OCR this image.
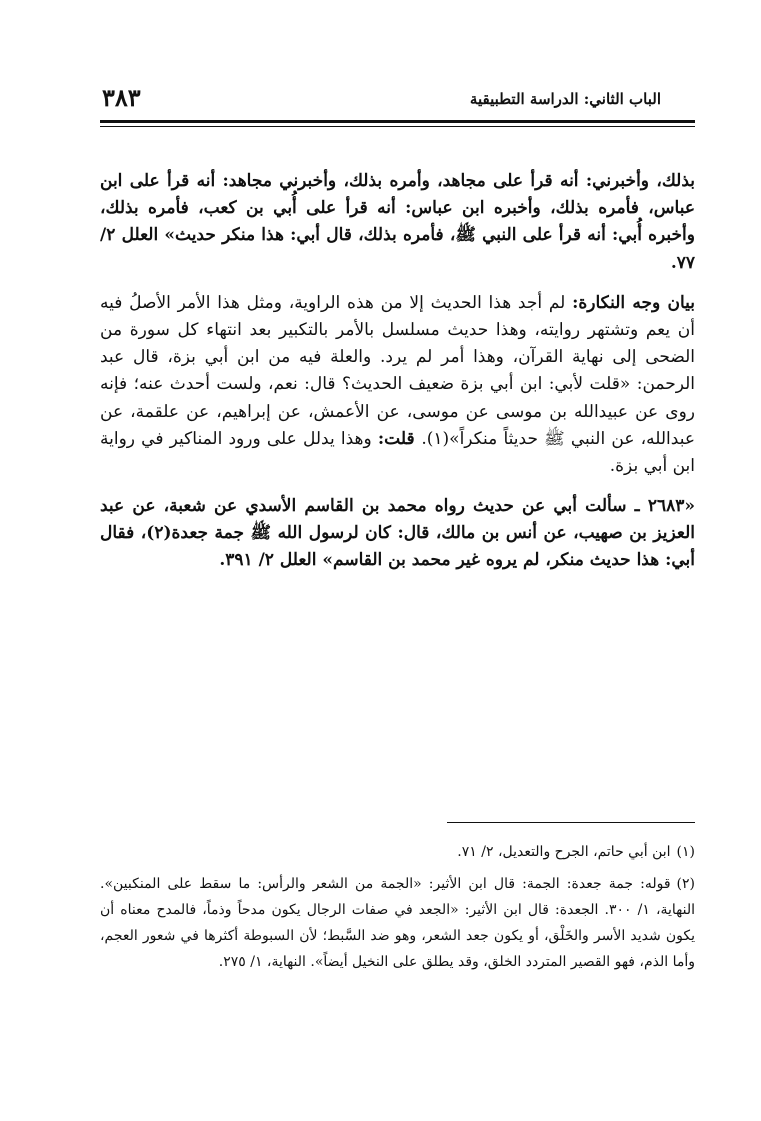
الباب الثاني: الدراسة التطبيقية
٣٨٣

بذلك، وأخبرني: أنه قرأ على مجاهد، وأمره بذلك، وأخبرني مجاهد: أنه قرأ على ابن عباس، فأمره بذلك، وأخبره ابن عباس: أنه قرأ على أُبي بن كعب، فأمره بذلك، وأخبره أُبي: أنه قرأ على النبي ﷺ، فأمره بذلك، قال أبي: هذا منكر حديث» العلل ٢/ ٧٧.

بيان وجه النكارة: لم أجد هذا الحديث إلا من هذه الراوية، ومثل هذا الأمر الأصلُ فيه أن يعم وتشتهر روايته، وهذا حديث مسلسل بالأمر بالتكبير بعد انتهاء كل سورة من الضحى إلى نهاية القرآن، وهذا أمر لم يرد. والعلة فيه من ابن أبي بزة، قال عبد الرحمن: «قلت لأبي: ابن أبي بزة ضعيف الحديث؟ قال: نعم، ولست أحدث عنه؛ فإنه روى عن عبيدالله بن موسى عن موسى، عن الأعمش، عن إبراهيم، عن علقمة، عن عبدالله، عن النبي ﷺ حديثاً منكراً»(١). قلت: وهذا يدلل على ورود المناكير في رواية ابن أبي بزة.

«٢٦٨٣ ـ سألت أبي عن حديث رواه محمد بن القاسم الأسدي عن شعبة، عن عبد العزيز بن صهيب، عن أنس بن مالك، قال: كان لرسول الله ﷺ جمة جعدة(٢)، فقال أبي: هذا حديث منكر، لم يروه غير محمد بن القاسم» العلل ٢/ ٣٩١.

(١)ابن أبي حاتم، الجرح والتعديل، ٢/ ٧١.
(٢)قوله: جمة جعدة: الجمة: قال ابن الأثير: «الجمة من الشعر والرأس: ما سقط على المنكبين». النهاية، ١/ ٣٠٠. الجعدة: قال ابن الأثير: «الجعد في صفات الرجال يكون مدحاً وذماً، فالمدح معناه أن يكون شديد الأسر والخَلْق، أو يكون جعد الشعر، وهو ضد السَّبط؛ لأن السبوطة أكثرها في شعور العجم، وأما الذم، فهو القصير المتردد الخلق، وقد يطلق على النخيل أيضاً». النهاية، ١/ ٢٧٥.
